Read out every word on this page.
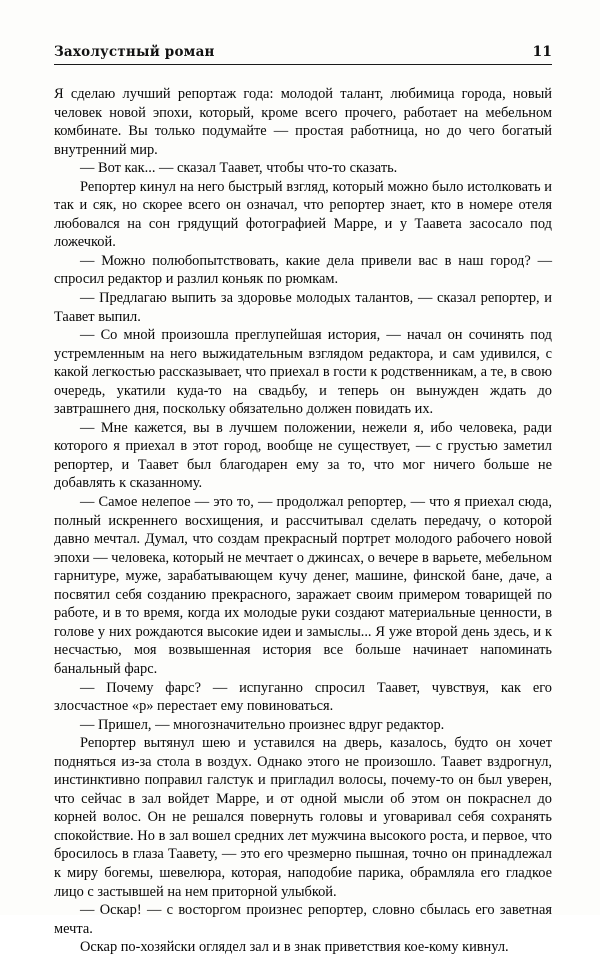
Захолустный роман	11

Я сделаю лучший репортаж года: молодой талант, любимица города, новый человек новой эпохи, который, кроме всего прочего, работает на мебельном комбинате. Вы только подумайте — простая работница, но до чего богатый внутренний мир.

— Вот как... — сказал Таавет, чтобы что-то сказать.

Репортер кинул на него быстрый взгляд, который можно было истолковать и так и сяк, но скорее всего он означал, что репортер знает, кто в номере отеля любовался на сон грядущий фотографией Марре, и у Таавета засосало под ложечкой.

— Можно полюбопытствовать, какие дела привели вас в наш город? — спросил редактор и разлил коньяк по рюмкам.

— Предлагаю выпить за здоровье молодых талантов, — сказал репортер, и Таавет выпил.

— Со мной произошла преглупейшая история, — начал он сочинять под устремленным на него выжидательным взглядом редактора, и сам удивился, с какой легкостью рассказывает, что приехал в гости к родственникам, а те, в свою очередь, укатили куда-то на свадьбу, и теперь он вынужден ждать до завтрашнего дня, поскольку обязательно должен повидать их.

— Мне кажется, вы в лучшем положении, нежели я, ибо человека, ради которого я приехал в этот город, вообще не существует, — с грустью заметил репортер, и Таавет был благодарен ему за то, что мог ничего больше не добавлять к сказанному.

— Самое нелепое — это то, — продолжал репортер, — что я приехал сюда, полный искреннего восхищения, и рассчитывал сделать передачу, о которой давно мечтал. Думал, что создам прекрасный портрет молодого рабочего новой эпохи — человека, который не мечтает о джинсах, о вечере в варьете, мебельном гарнитуре, муже, зарабатывающем кучу денег, машине, финской бане, даче, а посвятил себя созданию прекрасного, заражает своим примером товарищей по работе, и в то время, когда их молодые руки создают материальные ценности, в голове у них рождаются высокие идеи и замыслы... Я уже второй день здесь, и к несчастью, моя возвышенная история все больше начинает напоминать банальный фарс.

— Почему фарс? — испуганно спросил Таавет, чувствуя, как его злосчастное «р» перестает ему повиноваться.

— Пришел, — многозначительно произнес вдруг редактор.

Репортер вытянул шею и уставился на дверь, казалось, будто он хочет подняться из-за стола в воздух. Однако этого не произошло. Таавет вздрогнул, инстинктивно поправил галстук и пригладил волосы, почему-то он был уверен, что сейчас в зал войдет Марре, и от одной мысли об этом он покраснел до корней волос. Он не решался повернуть головы и уговаривал себя сохранять спокойствие. Но в зал вошел средних лет мужчина высокого роста, и первое, что бросилось в глаза Таавету, — это его чрезмерно пышная, точно он принадлежал к миру богемы, шевелюра, которая, наподобие парика, обрамляла его гладкое лицо с застывшей на нем приторной улыбкой.

— Оскар! — с восторгом произнес репортер, словно сбылась его заветная мечта.

Оскар по-хозяйски оглядел зал и в знак приветствия кое-кому кивнул.
